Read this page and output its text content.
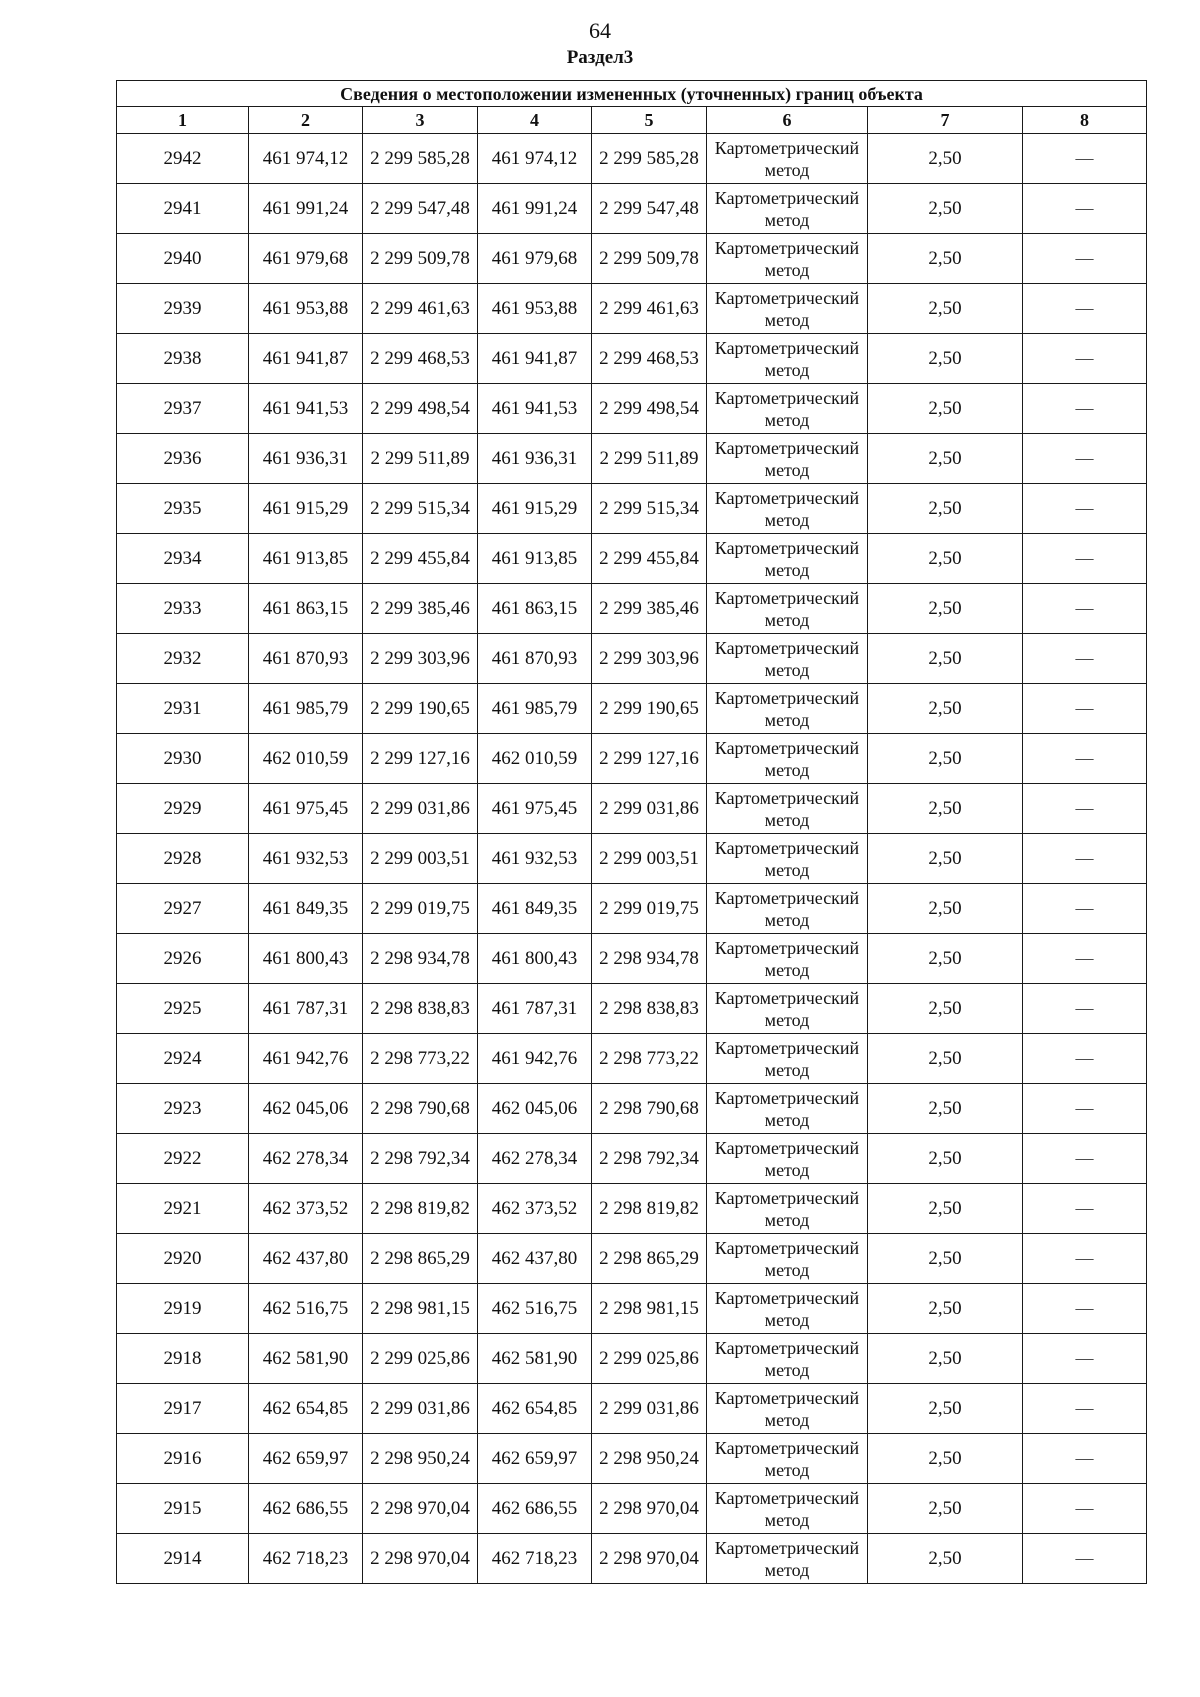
64
Раздел3
Сведения о местоположении измененных (уточненных) границ объекта							
1	2	3	4	5	6	7	8
2942	461 974,12	2 299 585,28	461 974,12	2 299 585,28	Картометрический метод	2,50	—
2941	461 991,24	2 299 547,48	461 991,24	2 299 547,48	Картометрический метод	2,50	—
2940	461 979,68	2 299 509,78	461 979,68	2 299 509,78	Картометрический метод	2,50	—
2939	461 953,88	2 299 461,63	461 953,88	2 299 461,63	Картометрический метод	2,50	—
2938	461 941,87	2 299 468,53	461 941,87	2 299 468,53	Картометрический метод	2,50	—
2937	461 941,53	2 299 498,54	461 941,53	2 299 498,54	Картометрический метод	2,50	—
2936	461 936,31	2 299 511,89	461 936,31	2 299 511,89	Картометрический метод	2,50	—
2935	461 915,29	2 299 515,34	461 915,29	2 299 515,34	Картометрический метод	2,50	—
2934	461 913,85	2 299 455,84	461 913,85	2 299 455,84	Картометрический метод	2,50	—
2933	461 863,15	2 299 385,46	461 863,15	2 299 385,46	Картометрический метод	2,50	—
2932	461 870,93	2 299 303,96	461 870,93	2 299 303,96	Картометрический метод	2,50	—
2931	461 985,79	2 299 190,65	461 985,79	2 299 190,65	Картометрический метод	2,50	—
2930	462 010,59	2 299 127,16	462 010,59	2 299 127,16	Картометрический метод	2,50	—
2929	461 975,45	2 299 031,86	461 975,45	2 299 031,86	Картометрический метод	2,50	—
2928	461 932,53	2 299 003,51	461 932,53	2 299 003,51	Картометрический метод	2,50	—
2927	461 849,35	2 299 019,75	461 849,35	2 299 019,75	Картометрический метод	2,50	—
2926	461 800,43	2 298 934,78	461 800,43	2 298 934,78	Картометрический метод	2,50	—
2925	461 787,31	2 298 838,83	461 787,31	2 298 838,83	Картометрический метод	2,50	—
2924	461 942,76	2 298 773,22	461 942,76	2 298 773,22	Картометрический метод	2,50	—
2923	462 045,06	2 298 790,68	462 045,06	2 298 790,68	Картометрический метод	2,50	—
2922	462 278,34	2 298 792,34	462 278,34	2 298 792,34	Картометрический метод	2,50	—
2921	462 373,52	2 298 819,82	462 373,52	2 298 819,82	Картометрический метод	2,50	—
2920	462 437,80	2 298 865,29	462 437,80	2 298 865,29	Картометрический метод	2,50	—
2919	462 516,75	2 298 981,15	462 516,75	2 298 981,15	Картометрический метод	2,50	—
2918	462 581,90	2 299 025,86	462 581,90	2 299 025,86	Картометрический метод	2,50	—
2917	462 654,85	2 299 031,86	462 654,85	2 299 031,86	Картометрический метод	2,50	—
2916	462 659,97	2 298 950,24	462 659,97	2 298 950,24	Картометрический метод	2,50	—
2915	462 686,55	2 298 970,04	462 686,55	2 298 970,04	Картометрический метод	2,50	—
2914	462 718,23	2 298 970,04	462 718,23	2 298 970,04	Картометрический метод	2,50	—
